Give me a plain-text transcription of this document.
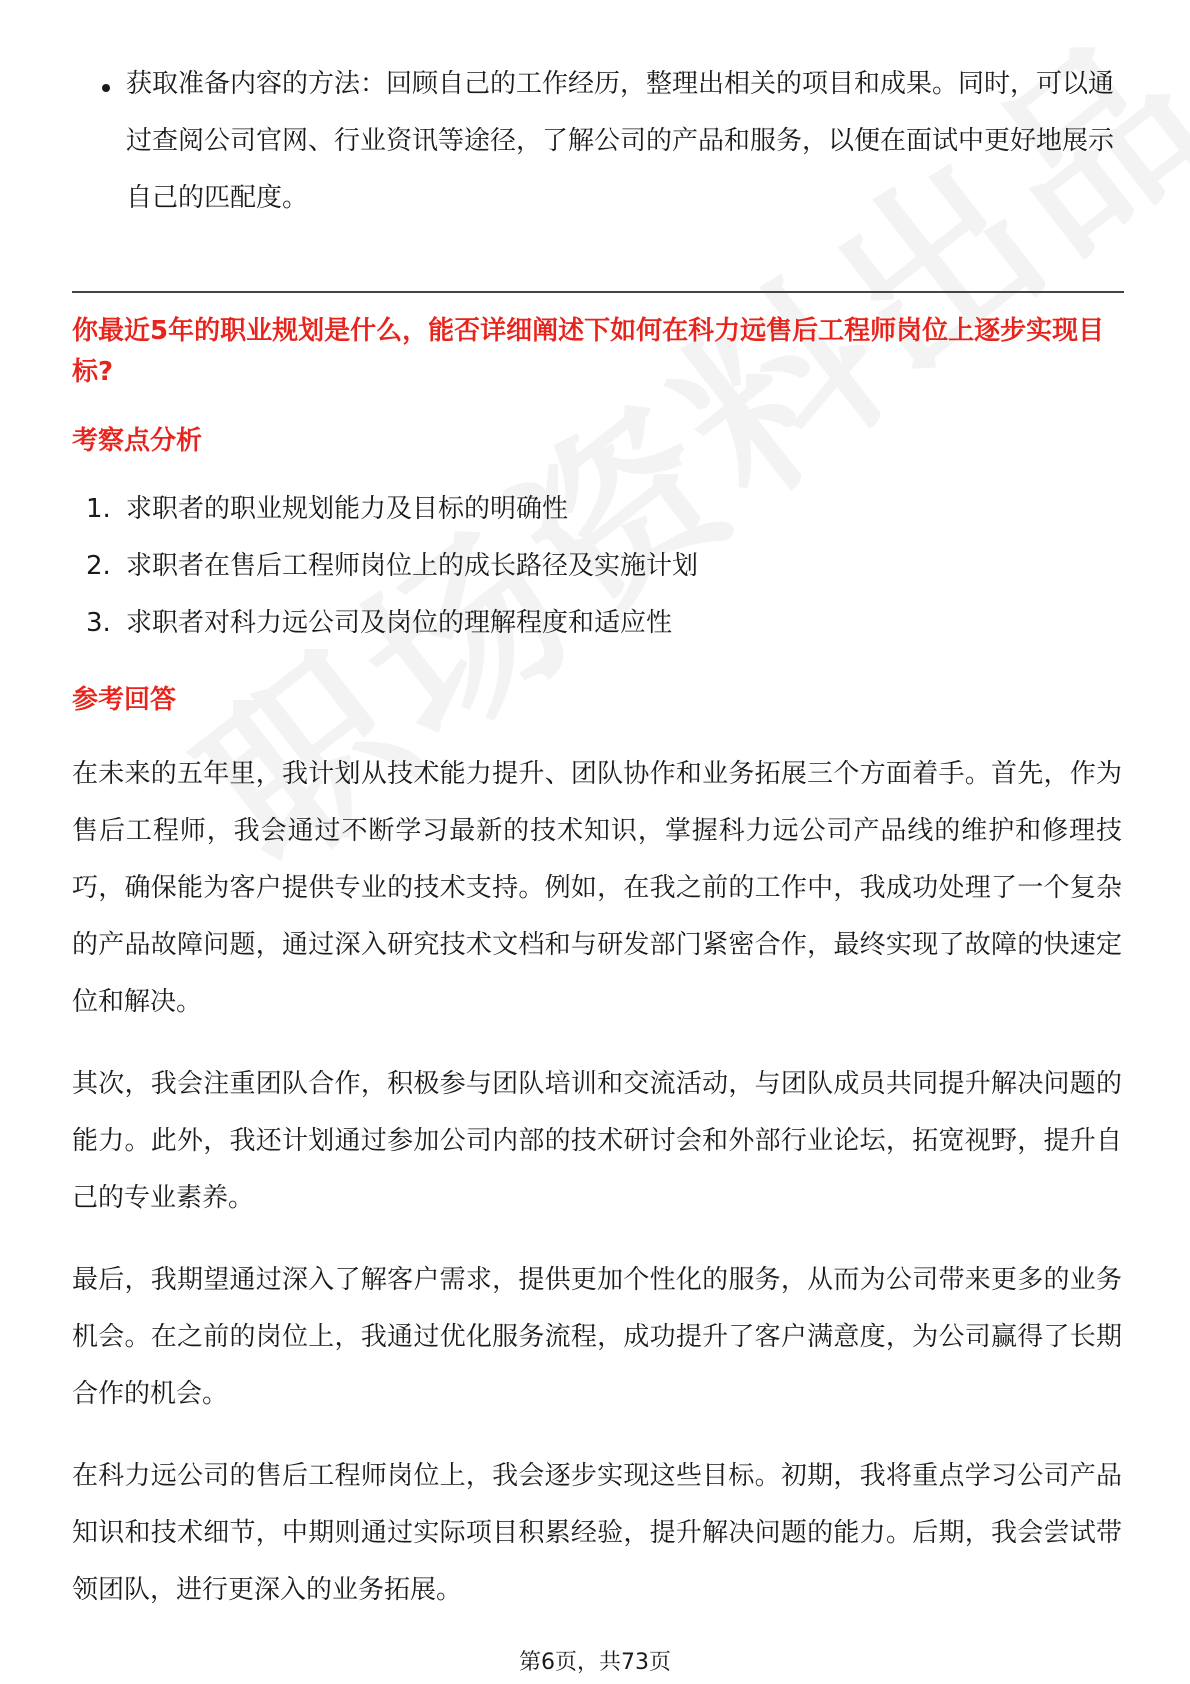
获取准备内容的方法：回顾自己的工作经历，整理出相关的项目和成果。同时，可以通过查阅公司官网、行业资讯等途径，了解公司的产品和服务，以便在面试中更好地展示自己的匹配度。

你最近5年的职业规划是什么，能否详细阐述下如何在科力远售后工程师岗位上逐步实现目标?

考察点分析

1. 求职者的职业规划能力及目标的明确性
2. 求职者在售后工程师岗位上的成长路径及实施计划
3. 求职者对科力远公司及岗位的理解程度和适应性

参考回答

在未来的五年里，我计划从技术能力提升、团队协作和业务拓展三个方面着手。首先，作为售后工程师，我会通过不断学习最新的技术知识，掌握科力远公司产品线的维护和修理技巧，确保能为客户提供专业的技术支持。例如，在我之前的工作中，我成功处理了一个复杂的产品故障问题，通过深入研究技术文档和与研发部门紧密合作，最终实现了故障的快速定位和解决。

其次，我会注重团队合作，积极参与团队培训和交流活动，与团队成员共同提升解决问题的能力。此外，我还计划通过参加公司内部的技术研讨会和外部行业论坛，拓宽视野，提升自己的专业素养。

最后，我期望通过深入了解客户需求，提供更加个性化的服务，从而为公司带来更多的业务机会。在之前的岗位上，我通过优化服务流程，成功提升了客户满意度，为公司赢得了长期合作的机会。

在科力远公司的售后工程师岗位上，我会逐步实现这些目标。初期，我将重点学习公司产品知识和技术细节，中期则通过实际项目积累经验，提升解决问题的能力。后期，我会尝试带领团队，进行更深入的业务拓展。

第6页，共73页
